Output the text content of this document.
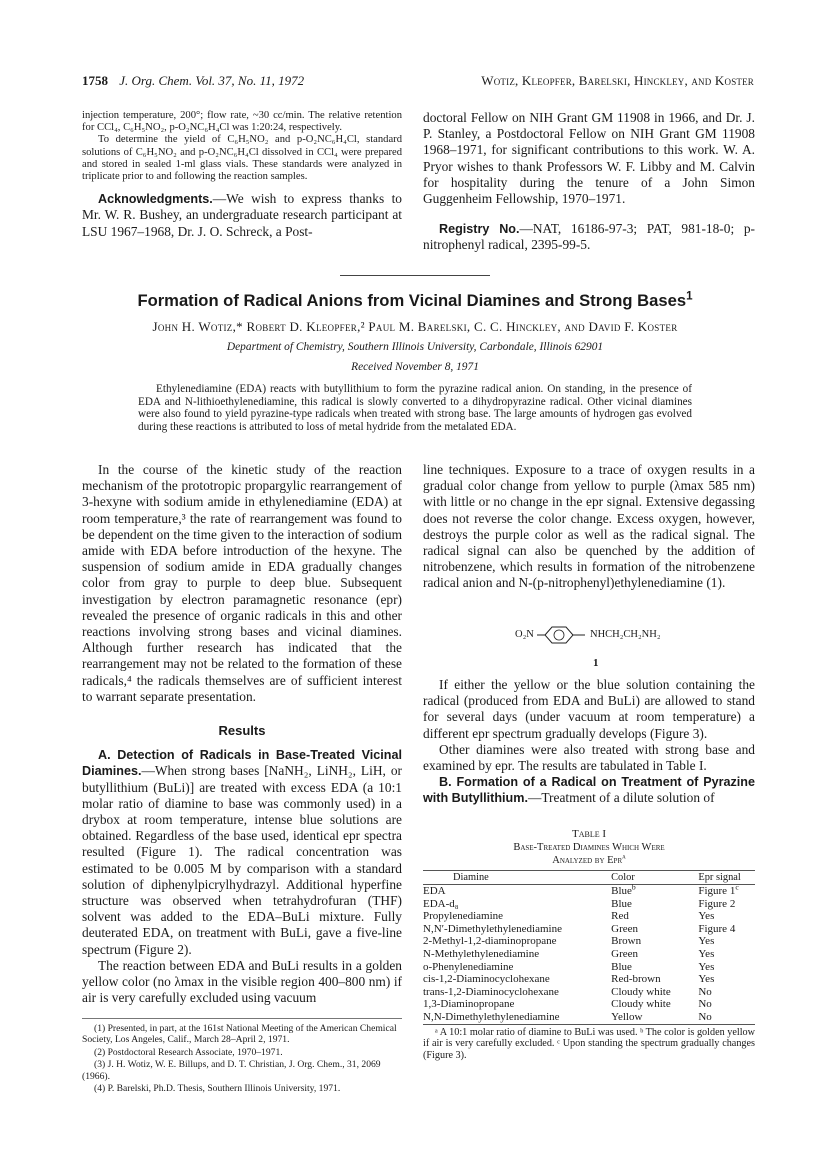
1758 J. Org. Chem. Vol. 37, No. 11, 1972	Wotiz, Kleopfer, Barelski, Hinckley, and Koster

injection temperature, 200°; flow rate, ~30 cc/min. The relative retention for CCl₄, C₆H₅NO₂, p-O₂NC₆H₄Cl was 1:20:24, respectively.

To determine the yield of C₆H₅NO₂ and p-O₂NC₆H₄Cl, standard solutions of C₆H₅NO₂ and p-O₂NC₆H₄Cl dissolved in CCl₄ were prepared and stored in sealed 1-ml glass vials. These standards were analyzed in triplicate prior to and following the reaction samples.

Acknowledgments.—We wish to express thanks to Mr. W. R. Bushey, an undergraduate research participant at LSU 1967–1968, Dr. J. O. Schreck, a Post-

doctoral Fellow on NIH Grant GM 11908 in 1966, and Dr. J. P. Stanley, a Postdoctoral Fellow on NIH Grant GM 11908 1968–1971, for significant contributions to this work. W. A. Pryor wishes to thank Professors W. F. Libby and M. Calvin for hospitality during the tenure of a John Simon Guggenheim Fellowship, 1970–1971.

Registry No.—NAT, 16186-97-3; PAT, 981-18-0; p-nitrophenyl radical, 2395-99-5.

Formation of Radical Anions from Vicinal Diamines and Strong Bases$^1$
John H. Wotiz,* Robert D. Kleopfer,² Paul M. Barelski, C. C. Hinckley, and David F. Koster
Department of Chemistry, Southern Illinois University, Carbondale, Illinois 62901
Received November 8, 1971
Ethylenediamine (EDA) reacts with butyllithium to form the pyrazine radical anion. On standing, in the presence of EDA and N-lithioethylenediamine, this radical is slowly converted to a dihydropyrazine radical. Other vicinal diamines were also found to yield pyrazine-type radicals when treated with strong base. The large amounts of hydrogen gas evolved during these reactions is attributed to loss of metal hydride from the metalated EDA.

In the course of the kinetic study of the reaction mechanism of the prototropic propargylic rearrangement of 3-hexyne with sodium amide in ethylenediamine (EDA) at room temperature,³ the rate of rearrangement was found to be dependent on the time given to the interaction of sodium amide with EDA before introduction of the hexyne. The suspension of sodium amide in EDA gradually changes color from gray to purple to deep blue. Subsequent investigation by electron paramagnetic resonance (epr) revealed the presence of organic radicals in this and other reactions involving strong bases and vicinal diamines. Although further research has indicated that the rearrangement may not be related to the formation of these radicals,⁴ the radicals themselves are of sufficient interest to warrant separate presentation.

Results

A. Detection of Radicals in Base-Treated Vicinal Diamines.—When strong bases [NaNH₂, LiNH₂, LiH, or butyllithium (BuLi)] are treated with excess EDA (a 10:1 molar ratio of diamine to base was commonly used) in a drybox at room temperature, intense blue solutions are obtained. Regardless of the base used, identical epr spectra resulted (Figure 1). The radical concentration was estimated to be 0.005 M by comparison with a standard solution of diphenylpicrylhydrazyl. Additional hyperfine structure was observed when tetrahydrofuran (THF) solvent was added to the EDA–BuLi mixture. Fully deuterated EDA, on treatment with BuLi, gave a five-line spectrum (Figure 2).

The reaction between EDA and BuLi results in a golden yellow color (no λmax in the visible region 400–800 nm) if air is very carefully excluded using vacuum

line techniques. Exposure to a trace of oxygen results in a gradual color change from yellow to purple (λmax 585 nm) with little or no change in the epr signal. Extensive degassing does not reverse the color change. Excess oxygen, however, destroys the purple color as well as the radical signal. The radical signal can also be quenched by the addition of nitrobenzene, which results in formation of the nitrobenzene radical anion and N-(p-nitrophenyl)ethylenediamine (1).

O₂N	NHCH₂CH₂NH₂
1

If either the yellow or the blue solution containing the radical (produced from EDA and BuLi) are allowed to stand for several days (under vacuum at room temperature) a different epr spectrum gradually develops (Figure 3).

Other diamines were also treated with strong base and examined by epr. The results are tabulated in Table I.

B. Formation of a Radical on Treatment of Pyrazine with Butyllithium.—Treatment of a dilute solution of

Table I
Base-Treated Diamines Which Were
Analyzed by Epr$^a$
Diamine	Color	Epr signal
EDA	Blue$^b$	Figure 1$^c$
EDA-d₈	Blue	Figure 2
Propylenediamine	Red	Yes
N,N′-Dimethylethylenediamine	Green	Figure 4
2-Methyl-1,2-diaminopropane	Brown	Yes
N-Methylethylenediamine	Green	Yes
o-Phenylenediamine	Blue	Yes
cis-1,2-Diaminocyclohexane	Red-brown	Yes
trans-1,2-Diaminocyclohexane	Cloudy white	No
1,3-Diaminopropane	Cloudy white	No
N,N-Dimethylethylenediamine	Yellow	No

ᵃ A 10:1 molar ratio of diamine to BuLi was used. ᵇ The color is golden yellow if air is very carefully excluded. ᶜ Upon standing the spectrum gradually changes (Figure 3).

(1) Presented, in part, at the 161st National Meeting of the American Chemical Society, Los Angeles, Calif., March 28–April 2, 1971.

(2) Postdoctoral Research Associate, 1970–1971.

(3) J. H. Wotiz, W. E. Billups, and D. T. Christian, J. Org. Chem., 31, 2069 (1966).

(4) P. Barelski, Ph.D. Thesis, Southern Illinois University, 1971.
